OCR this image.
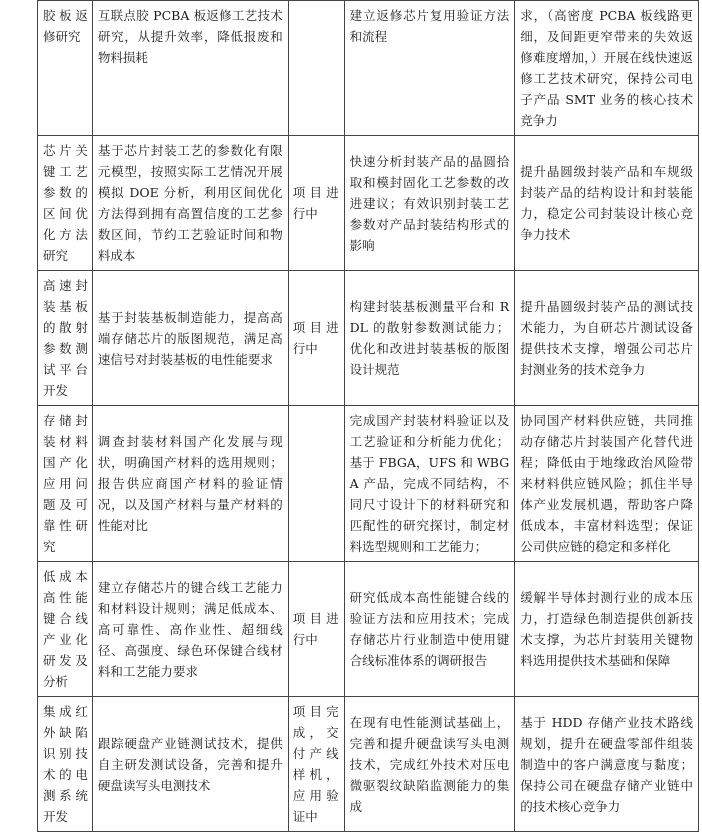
胶板返修研究	互联点胶 PCBA 板返修工艺技术研究，从提升效率，降低报废和物料损耗		建立返修芯片复用验证方法和流程	求，（高密度 PCBA 板线路更细，及间距更窄带来的失效返修难度增加，）开展在线快速返修工艺技术研究，保持公司电子产品 SMT 业务的核心技术竞争力
芯片关键工艺参数的区间优化方法研究	基于芯片封装工艺的参数化有限元模型，按照实际工艺情况开展模拟 DOE 分析，利用区间优化方法得到拥有高置信度的工艺参数区间，节约工艺验证时间和物料成本	项目进行中	快速分析封装产品的晶圆拾取和模封固化工艺参数的改进建议；有效识别封装工艺参数对产品封装结构形式的影响	提升晶圆级封装产品和车规级封装产品的结构设计和封装能力，稳定公司封装设计核心竞争力技术
高速封装基板的散射参数测试平台开发	基于封装基板制造能力，提高高端存储芯片的版图规范，满足高速信号对封装基板的电性能要求	项目进行中	构建封装基板测量平台和 RDL 的散射参数测试能力；优化和改进封装基板的版图设计规范	提升晶圆级封装产品的测试技术能力，为自研芯片测试设备提供技术支撑，增强公司芯片封测业务的技术竞争力
存储封装材料国产化应用问题及可靠性研究	调查封装材料国产化发展与现状，明确国产材料的选用规则；报告供应商国产材料的验证情况，以及国产材料与量产材料的性能对比		完成国产封装材料验证以及工艺验证和分析能力优化；基于 FBGA，UFS 和 WBGA 产品，完成不同结构，不同尺寸设计下的材料研究和匹配性的研究探讨，制定材料选型规则和工艺能力；	协同国产材料供应链，共同推动存储芯片封装国产化替代进程；降低由于地缘政治风险带来材料供应链风险；抓住半导体产业发展机遇，帮助客户降低成本，丰富材料选型；保证公司供应链的稳定和多样化
低成本高性能键合线产业化研发及分析	建立存储芯片的键合线工艺能力和材料设计规则；满足低成本、高可靠性、高作业性、超细线径、高强度、绿色环保键合线材料和工艺能力要求	项目进行中	研究低成本高性能键合线的验证方法和应用技术；完成存储芯片行业制造中使用键合线标准体系的调研报告	缓解半导体封测行业的成本压力，打造绿色制造提供创新技术支撑，为芯片封装用关键物料选用提供技术基础和保障
集成红外缺陷识别技术的电测系统开发	跟踪硬盘产业链测试技术，提供自主研发测试设备，完善和提升硬盘读写头电测技术	项目完成，交付产线样机，应用验证中	在现有电性能测试基础上，完善和提升硬盘读写头电测技术，完成红外技术对压电微驱裂纹缺陷监测能力的集成	基于 HDD 存储产业技术路线规划，提升在硬盘零部件组装制造中的客户满意度与黏度；保持公司在硬盘存储产业链中的技术核心竞争力
